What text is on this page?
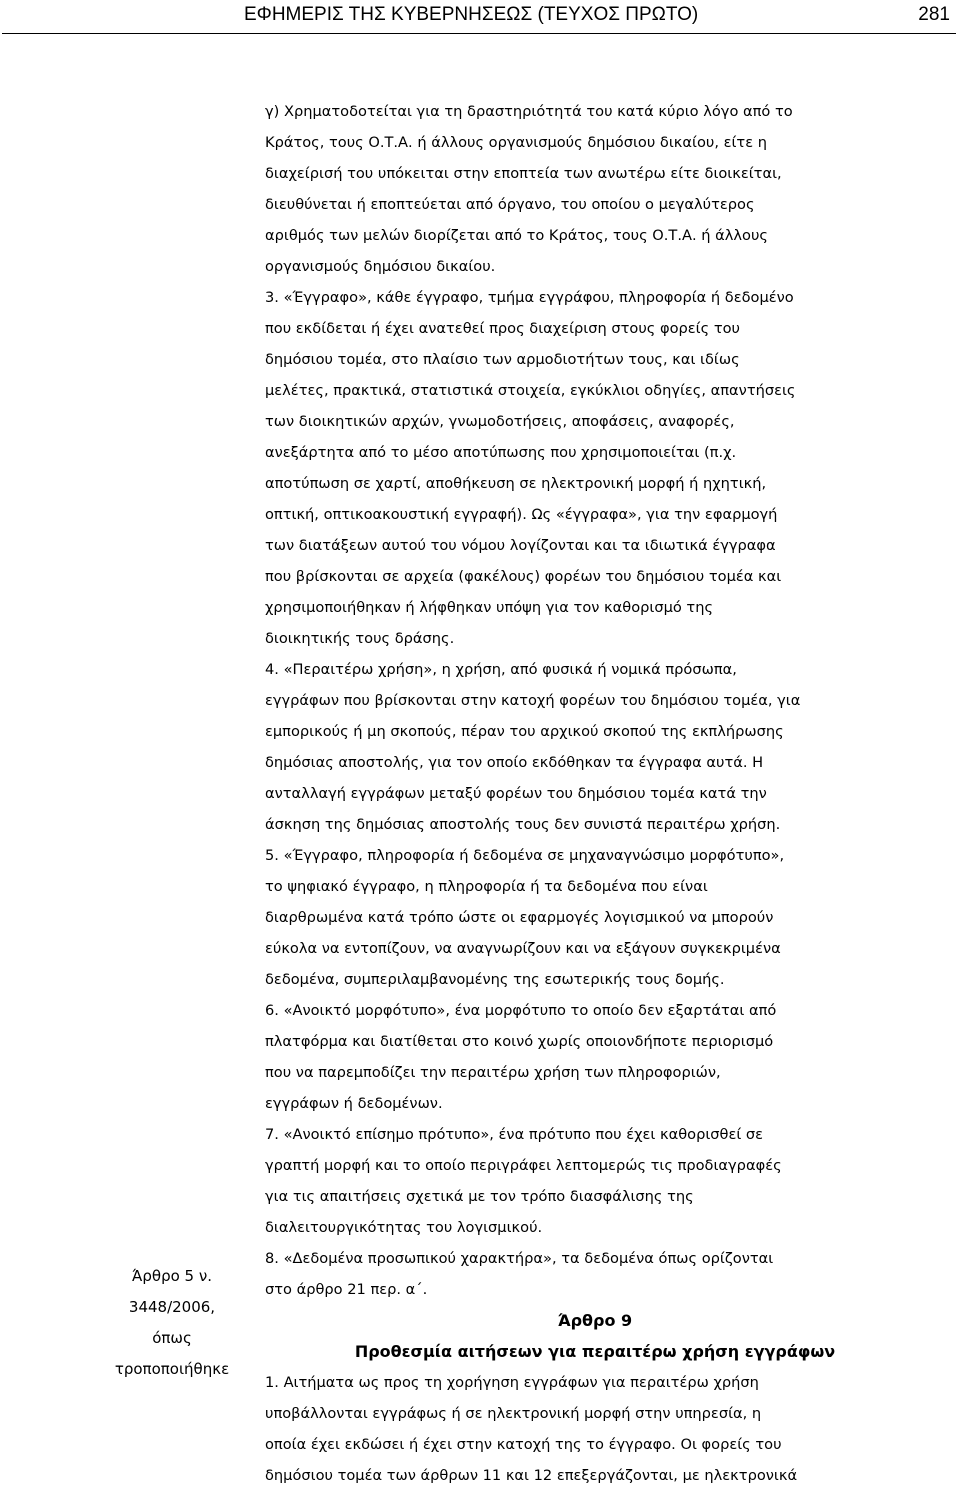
ΕΦΗΜΕΡΙΣ ΤΗΣ ΚΥΒΕΡΝΗΣΕΩΣ (ΤΕΥΧΟΣ ΠΡΩΤΟ)	281

γ) Χρηματοδοτείται για τη δραστηριότητά του κατά κύριο λόγο από το

Κράτος, τους Ο.Τ.Α. ή άλλους οργανισμούς δημόσιου δικαίου, είτε η

διαχείρισή του υπόκειται στην εποπτεία των ανωτέρω είτε διοικείται,

διευθύνεται ή εποπτεύεται από όργανο, του οποίου ο μεγαλύτερος

αριθμός των μελών διορίζεται από το Κράτος, τους Ο.Τ.Α. ή άλλους

οργανισμούς δημόσιου δικαίου.

3. «Έγγραφο», κάθε έγγραφο, τμήμα εγγράφου, πληροφορία ή δεδομένο

που εκδίδεται ή έχει ανατεθεί προς διαχείριση στους φορείς του

δημόσιου τομέα, στο πλαίσιο των αρμοδιοτήτων τους, και ιδίως

μελέτες, πρακτικά, στατιστικά στοιχεία, εγκύκλιοι οδηγίες, απαντήσεις

των διοικητικών αρχών, γνωμοδοτήσεις, αποφάσεις, αναφορές,

ανεξάρτητα από το μέσο αποτύπωσης που χρησιμοποιείται (π.χ.

αποτύπωση σε χαρτί, αποθήκευση σε ηλεκτρονική μορφή ή ηχητική,

οπτική, οπτικοακουστική εγγραφή). Ως «έγγραφα», για την εφαρμογή

των διατάξεων αυτού του νόμου λογίζονται και τα ιδιωτικά έγγραφα

που βρίσκονται σε αρχεία (φακέλους) φορέων του δημόσιου τομέα και

χρησιμοποιήθηκαν ή λήφθηκαν υπόψη για τον καθορισμό της

διοικητικής τους δράσης.

4. «Περαιτέρω χρήση», η χρήση, από φυσικά ή νομικά πρόσωπα,

εγγράφων που βρίσκονται στην κατοχή φορέων του δημόσιου τομέα, για

εμπορικούς ή μη σκοπούς, πέραν του αρχικού σκοπού της εκπλήρωσης

δημόσιας αποστολής, για τον οποίο εκδόθηκαν τα έγγραφα αυτά. Η

ανταλλαγή εγγράφων μεταξύ φορέων του δημόσιου τομέα κατά την

άσκηση της δημόσιας αποστολής τους δεν συνιστά περαιτέρω χρήση.

5. «Έγγραφο, πληροφορία ή δεδομένα σε μηχαναγνώσιμο μορφότυπο»,

το ψηφιακό έγγραφο, η πληροφορία ή τα δεδομένα που είναι

διαρθρωμένα κατά τρόπο ώστε οι εφαρμογές λογισμικού να μπορούν

εύκολα να εντοπίζουν, να αναγνωρίζουν και να εξάγουν συγκεκριμένα

δεδομένα, συμπεριλαμβανομένης της εσωτερικής τους δομής.

6. «Ανοικτό μορφότυπο», ένα μορφότυπο το οποίο δεν εξαρτάται από

πλατφόρμα και διατίθεται στο κοινό χωρίς οποιονδήποτε περιορισμό

που να παρεμποδίζει την περαιτέρω χρήση των πληροφοριών,

εγγράφων ή δεδομένων.

7. «Ανοικτό επίσημο πρότυπο», ένα πρότυπο που έχει καθορισθεί σε

γραπτή μορφή και το οποίο περιγράφει λεπτομερώς τις προδιαγραφές

για τις απαιτήσεις σχετικά με τον τρόπο διασφάλισης της

διαλειτουργικότητας του λογισμικού.

8. «Δεδομένα προσωπικού χαρακτήρα», τα δεδομένα όπως ορίζονται

στο άρθρο 21 περ. α΄.

Άρθρο 9

Προθεσμία αιτήσεων για περαιτέρω χρήση εγγράφων

1. Αιτήματα ως προς τη χορήγηση εγγράφων για περαιτέρω χρήση

υποβάλλονται εγγράφως ή σε ηλεκτρονική μορφή στην υπηρεσία, η

οποία έχει εκδώσει ή έχει στην κατοχή της το έγγραφο. Οι φορείς του

δημόσιου τομέα των άρθρων 11 και 12 επεξεργάζονται, με ηλεκτρονικά

Άρθρο 5 ν.
3448/2006,
όπως
τροποποιήθηκε
